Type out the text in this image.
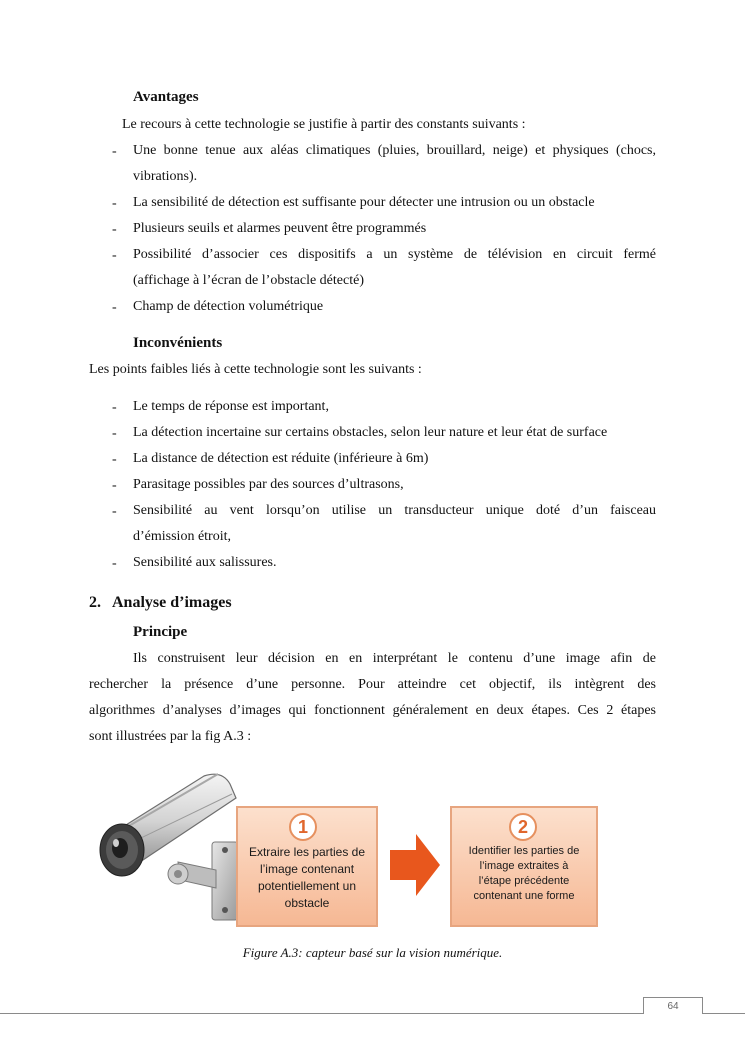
Avantages
Le recours à cette technologie se justifie à partir des constants suivants :
- Une bonne tenue aux aléas climatiques (pluies, brouillard, neige) et physiques (chocs,
vibrations).
- La sensibilité de détection est suffisante pour détecter une intrusion ou un obstacle
- Plusieurs seuils et alarmes peuvent être programmés
- Possibilité d’associer ces dispositifs a un système de télévision en circuit fermé
(affichage à l’écran de l’obstacle détecté)
- Champ de détection volumétrique
Inconvénients
Les points faibles liés à cette technologie sont les suivants :
- Le temps de réponse est important,
- La détection incertaine sur certains obstacles, selon leur nature et leur état de surface
- La distance de détection est réduite (inférieure à 6m)
- Parasitage possibles par des sources d’ultrasons,
- Sensibilité au vent lorsqu’on utilise un transducteur unique doté d’un faisceau
d’émission étroit,
- Sensibilité aux salissures.
2. Analyse d’images
Principe
Ils construisent leur décision en en interprétant le contenu d’une image afin de
rechercher la présence d’une personne. Pour atteindre cet objectif, ils intègrent des
algorithmes d’analyses d’images qui fonctionnent généralement en deux étapes. Ces 2 étapes
sont illustrées par la fig A.3 :
1
Extraire les parties de
l’image contenant
potentiellement un
obstacle
2
Identifier les parties de
l’image extraites à
l’étape précédente
contenant une forme
Figure A.3: capteur basé sur la vision numérique.
64
